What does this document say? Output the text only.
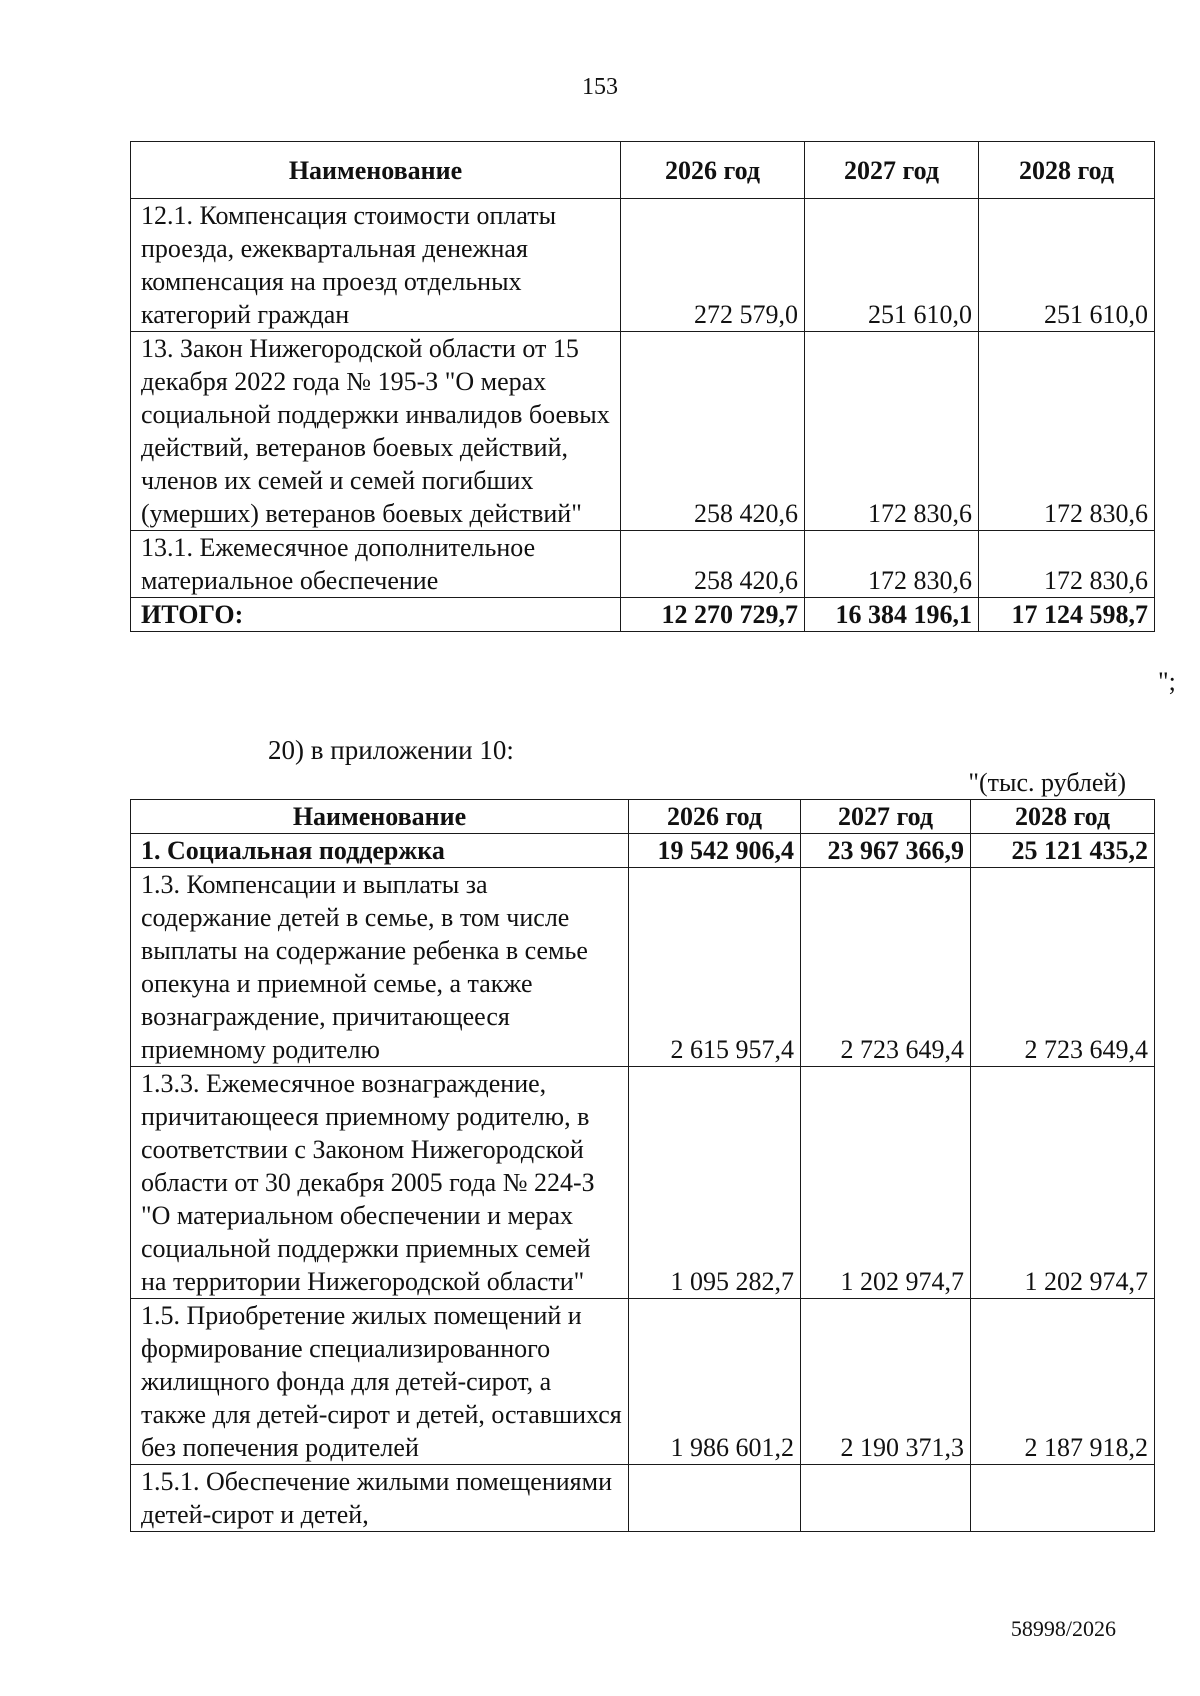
153
Наименование	2026 год	2027 год	2028 год
12.1. Компенсация стоимости оплаты проезда, ежеквартальная денежная компенсация на проезд отдельных категорий граждан	272 579,0	251 610,0	251 610,0
13. Закон Нижегородской области от 15 декабря 2022 года № 195-З "О мерах социальной поддержки инвалидов боевых действий, ветеранов боевых действий, членов их семей и семей погибших (умерших) ветеранов боевых действий"	258 420,6	172 830,6	172 830,6
13.1. Ежемесячное дополнительное материальное обеспечение	258 420,6	172 830,6	172 830,6
ИТОГО:	12 270 729,7	16 384 196,1	17 124 598,7
";
20) в приложении 10:
"(тыс. рублей)
Наименование	2026 год	2027 год	2028 год
1. Социальная поддержка	19 542 906,4	23 967 366,9	25 121 435,2
1.3. Компенсации и выплаты за содержание детей в семье, в том числе выплаты на содержание ребенка в семье опекуна и приемной семье, а также вознаграждение, причитающееся приемному родителю	2 615 957,4	2 723 649,4	2 723 649,4
1.3.3. Ежемесячное вознаграждение, причитающееся приемному родителю, в соответствии с Законом Нижегородской области от 30 декабря 2005 года № 224-З "О материальном обеспечении и мерах социальной поддержки приемных семей на территории Нижегородской области"	1 095 282,7	1 202 974,7	1 202 974,7
1.5. Приобретение жилых помещений и формирование специализированного жилищного фонда для детей-сирот, а также для детей-сирот и детей, оставшихся без попечения родителей	1 986 601,2	2 190 371,3	2 187 918,2
1.5.1. Обеспечение жилыми помещениями детей-сирот и детей,			
58998/2026
